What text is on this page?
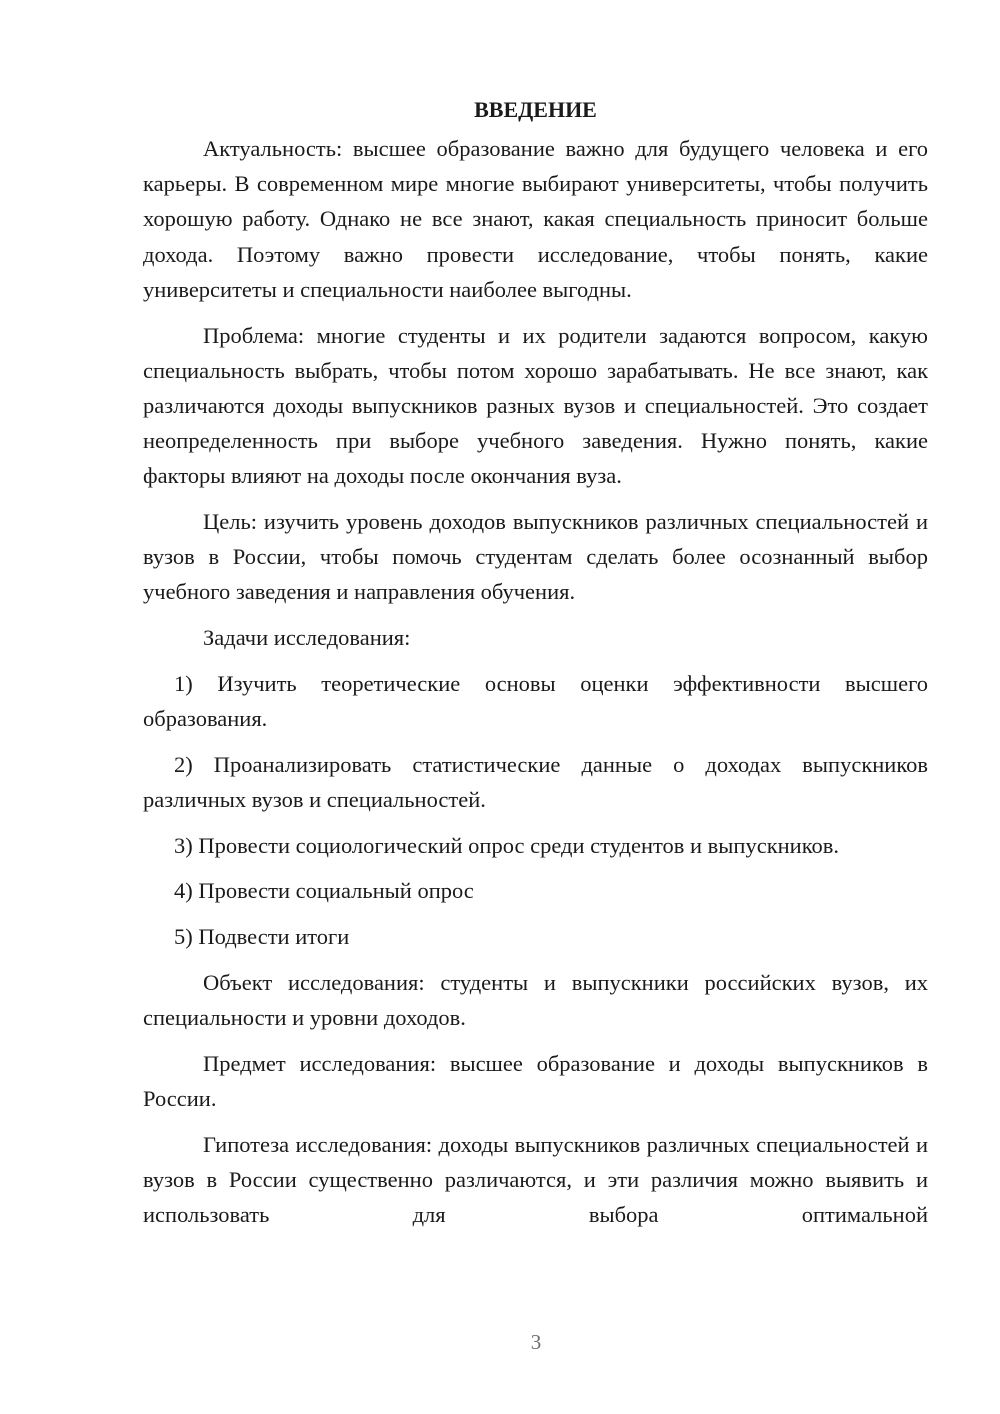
ВВЕДЕНИЕ

Актуальность: высшее образование важно для будущего человека и его карьеры. В современном мире многие выбирают университеты, чтобы получить хорошую работу. Однако не все знают, какая специальность приносит больше дохода. Поэтому важно провести исследование, чтобы понять, какие университеты и специальности наиболее выгодны.

Проблема: многие студенты и их родители задаются вопросом, какую специальность выбрать, чтобы потом хорошо зарабатывать. Не все знают, как различаются доходы выпускников разных вузов и специальностей. Это создает неопределенность при выборе учебного заведения. Нужно понять, какие факторы влияют на доходы после окончания вуза.

Цель: изучить уровень доходов выпускников различных специальностей и вузов в России, чтобы помочь студентам сделать более осознанный выбор учебного заведения и направления обучения.

Задачи исследования:

1) Изучить теоретические основы оценки эффективности высшего образования.

2) Проанализировать статистические данные о доходах выпускников различных вузов и специальностей.

3) Провести социологический опрос среди студентов и выпускников.

4) Провести социальный опрос

5) Подвести итоги

Объект исследования: студенты и выпускники российских вузов, их специальности и уровни доходов.

Предмет исследования: высшее образование и доходы выпускников в России.

Гипотеза исследования: доходы выпускников различных специальностей и вузов в России существенно различаются, и эти различия можно выявить и использовать для выбора оптимальной

3
